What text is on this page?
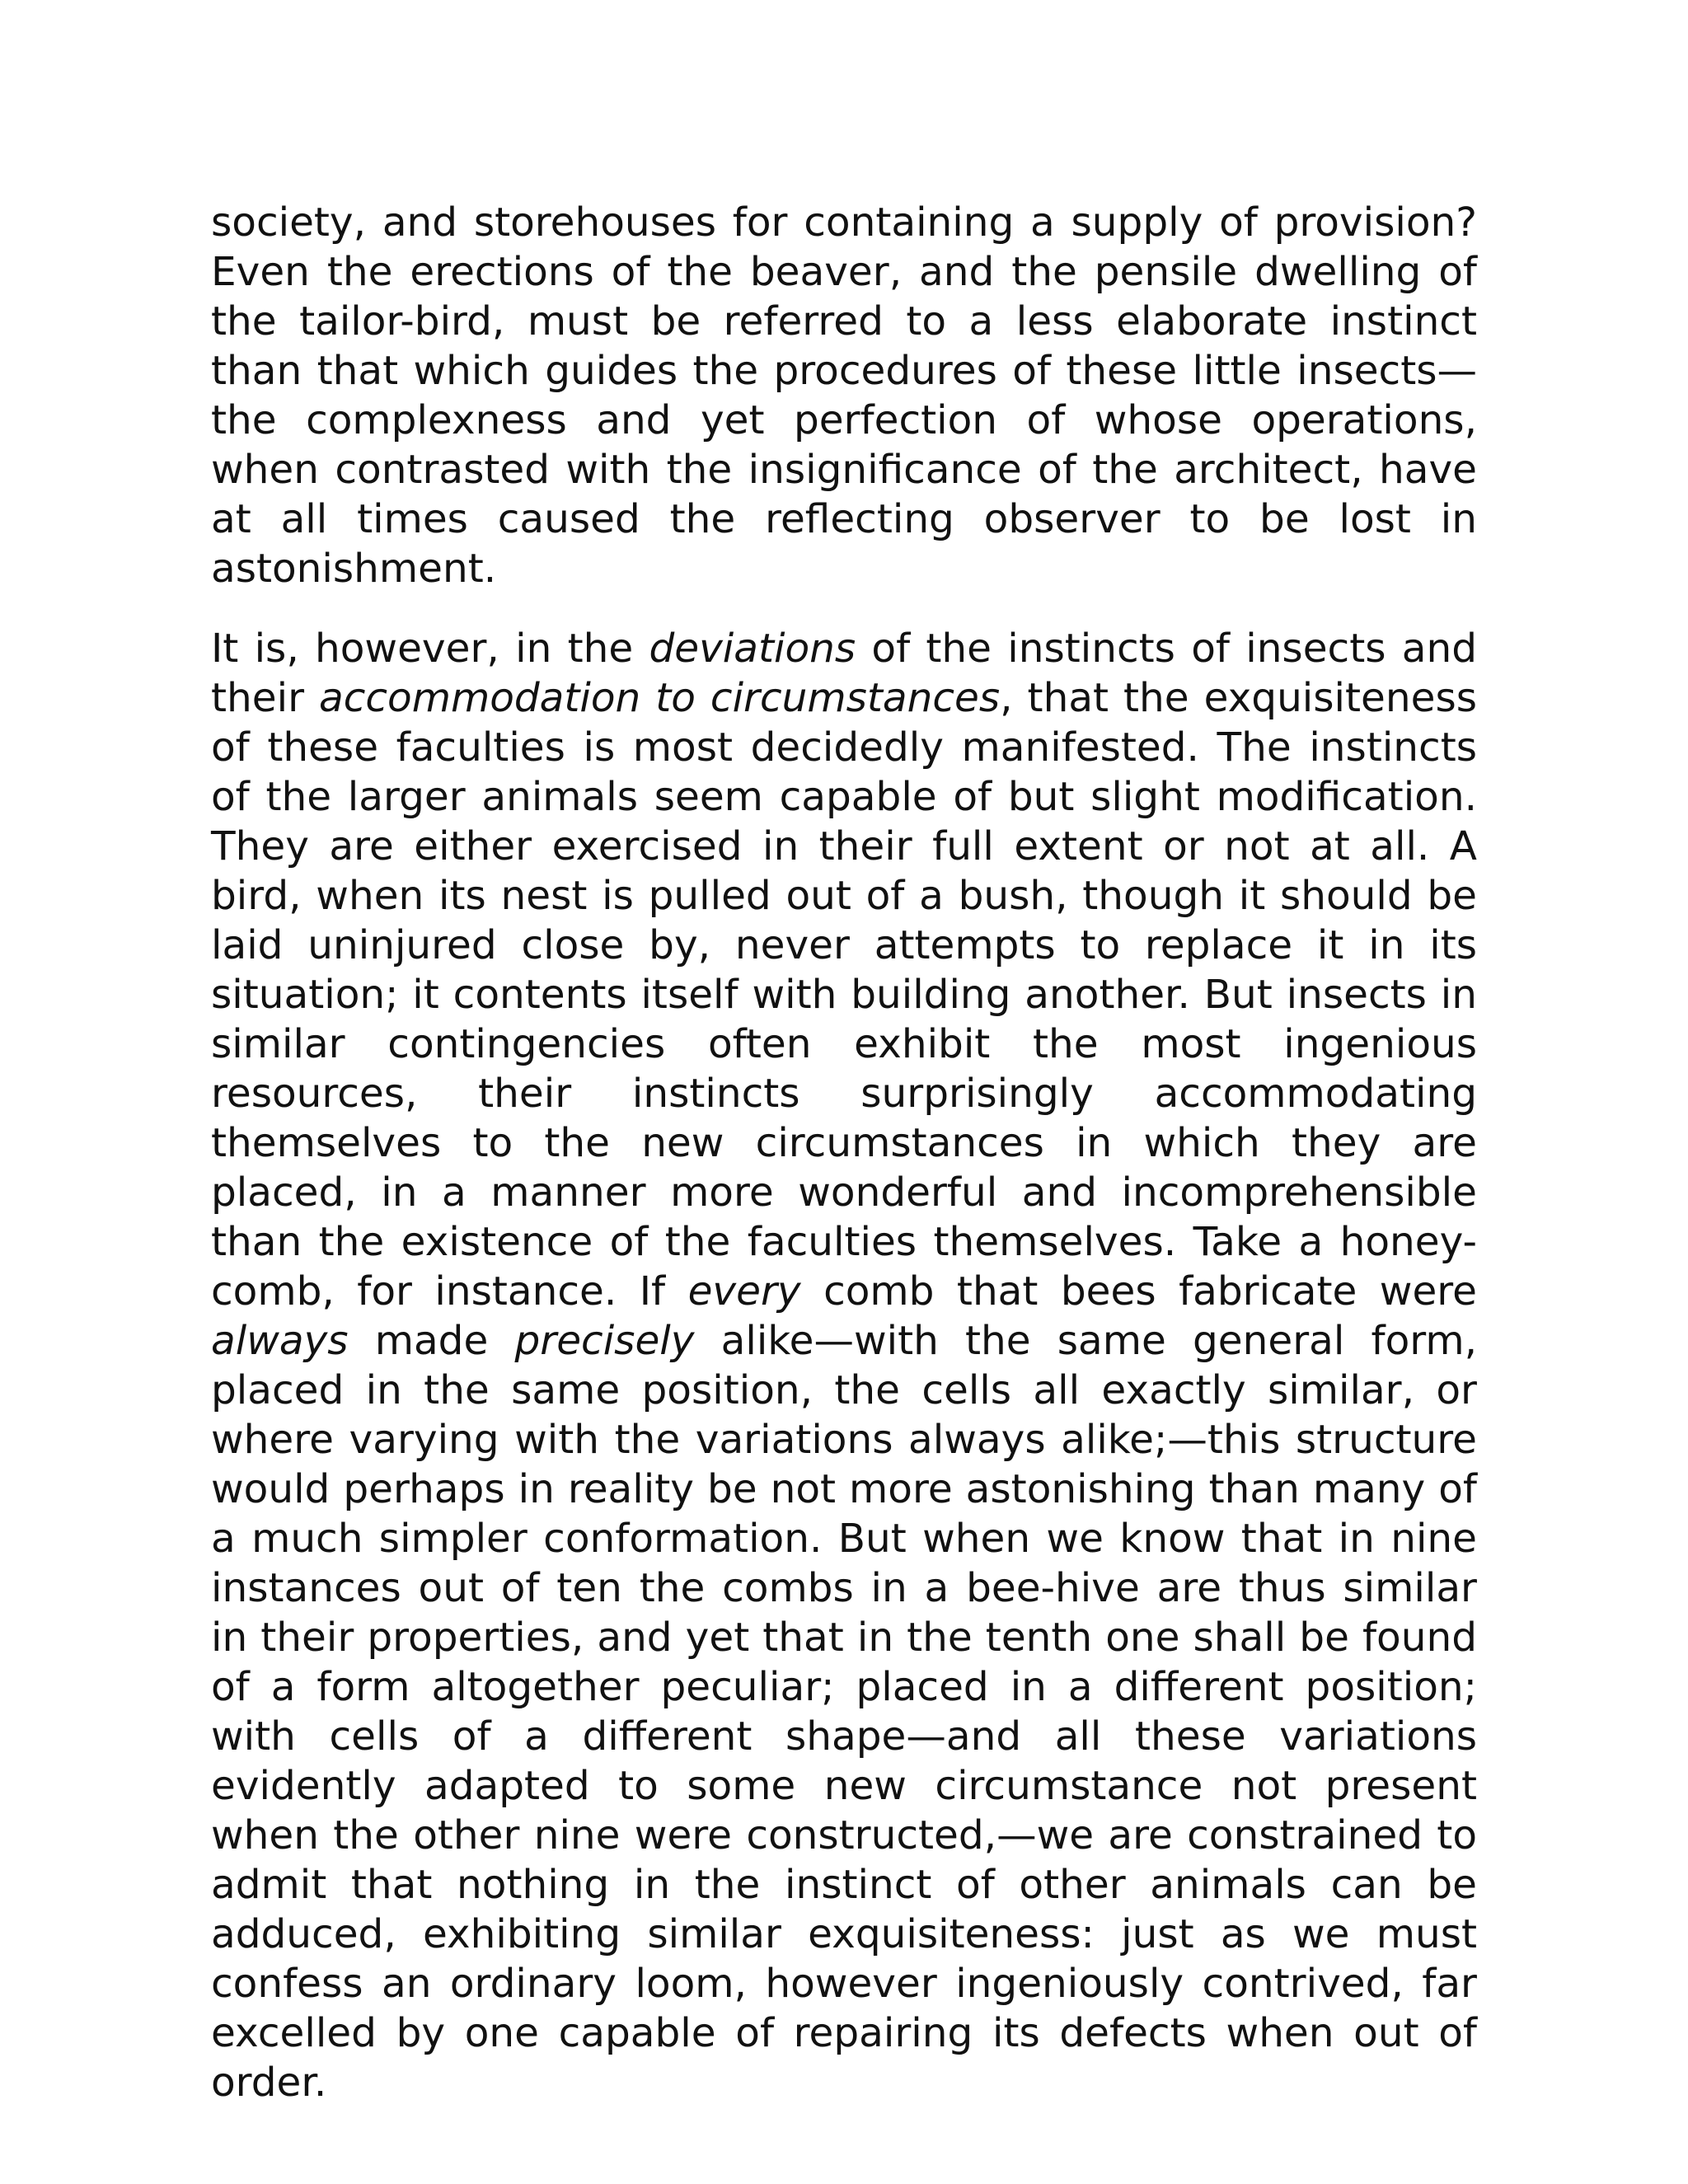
society, and storehouses for containing a supply of provision? Even the erections of the beaver, and the pensile dwelling of the tailor-bird, must be referred to a less elaborate instinct than that which guides the procedures of these little insects—the complexness and yet perfection of whose operations, when contrasted with the insignificance of the architect, have at all times caused the reflecting observer to be lost in astonishment.

It is, however, in the deviations of the instincts of insects and their accommodation to circumstances, that the exquisiteness of these faculties is most decidedly manifested. The instincts of the larger animals seem capable of but slight modification. They are either exercised in their full extent or not at all. A bird, when its nest is pulled out of a bush, though it should be laid uninjured close by, never attempts to replace it in its situation; it contents itself with building another. But insects in similar contingencies often exhibit the most ingenious resources, their instincts surprisingly accommodating themselves to the new circumstances in which they are placed, in a manner more wonderful and incomprehensible than the existence of the faculties themselves. Take a honey-comb, for instance. If every comb that bees fabricate were always made precisely alike—with the same general form, placed in the same position, the cells all exactly similar, or where varying with the variations always alike;—this structure would perhaps in reality be not more astonishing than many of a much simpler conformation. But when we know that in nine instances out of ten the combs in a bee-hive are thus similar in their properties, and yet that in the tenth one shall be found of a form altogether peculiar; placed in a different position; with cells of a different shape—and all these variations evidently adapted to some new circumstance not present when the other nine were constructed,—we are constrained to admit that nothing in the instinct of other animals can be adduced, exhibiting similar exquisiteness: just as we must confess an ordinary loom, however ingeniously contrived, far excelled by one capable of repairing its defects when out of order.
